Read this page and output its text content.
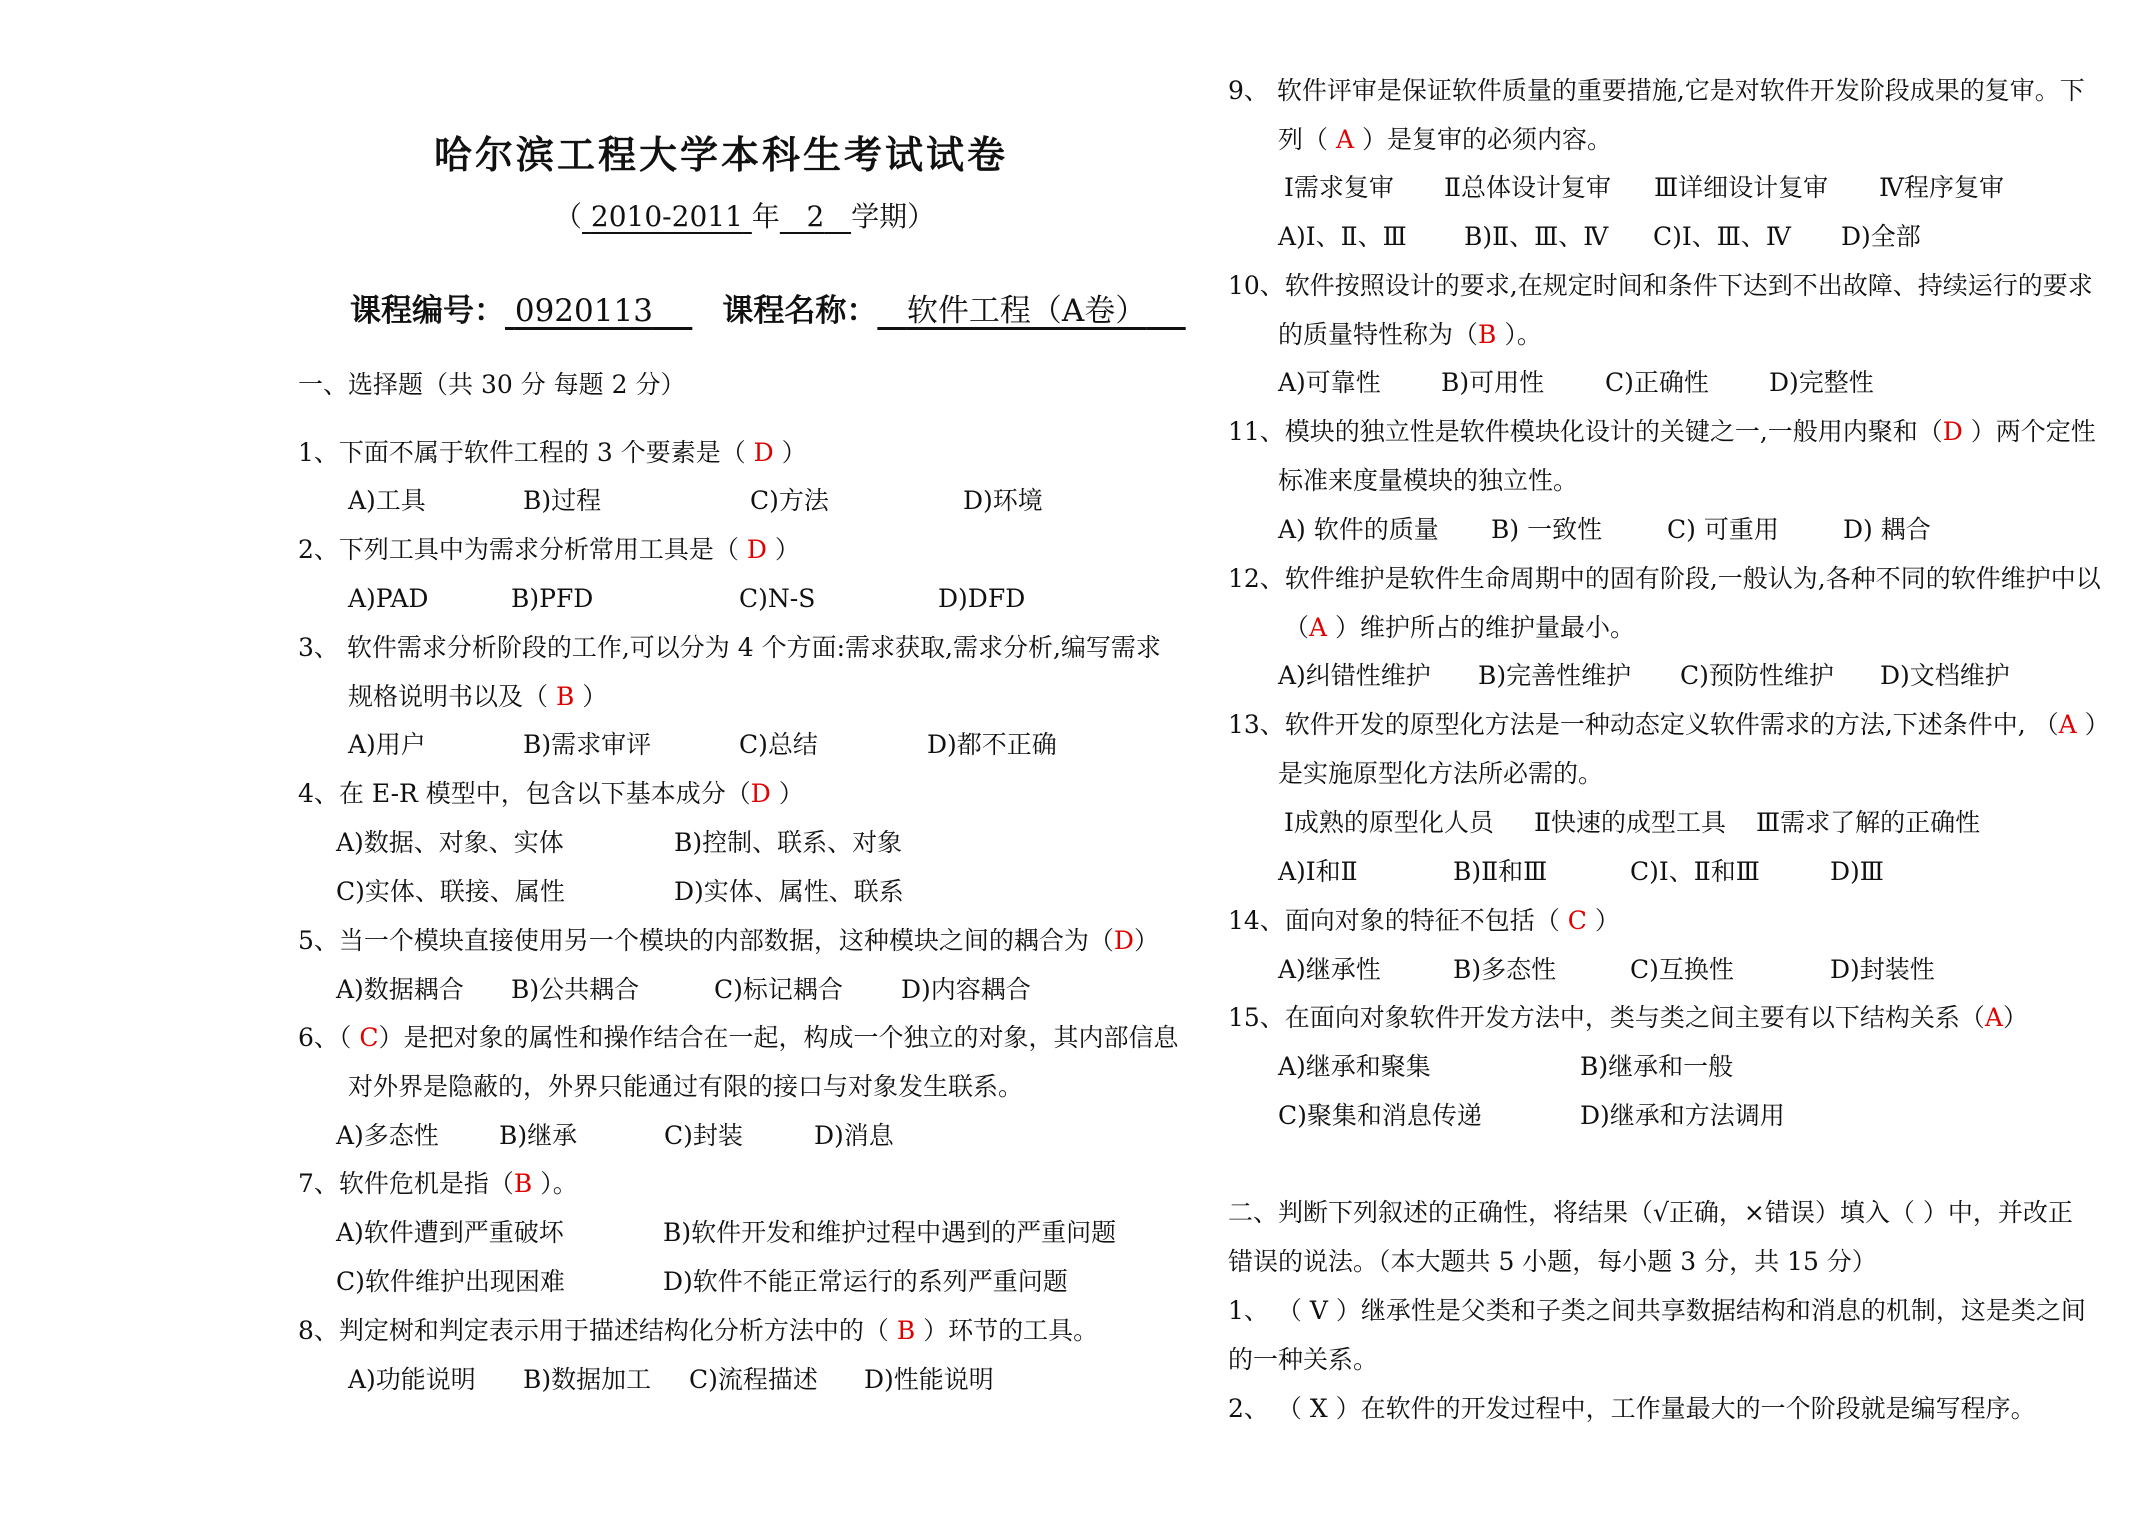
哈尔滨工程大学本科生考试试卷
（ 2010-2011 年 2 学期）
课程编号： 0920113 课程名称： 软件工程（A卷）
一、选择题（共 30 分 每题 2 分）
1、下面不属于软件工程的 3 个要素是（ D ）
A)工具	B)过程	C)方法	D)环境
2、下列工具中为需求分析常用工具是（ D ）
A)PAD	B)PFD	C)N-S	D)DFD
3、 软件需求分析阶段的工作,可以分为 4 个方面:需求获取,需求分析,编写需求
规格说明书以及（ B ）
A)用户	B)需求审评	C)总结	D)都不正确
4、在 E-R 模型中，包含以下基本成分（D ）
A)数据、对象、实体	B)控制、联系、对象
C)实体、联接、属性	D)实体、属性、联系
5、当一个模块直接使用另一个模块的内部数据，这种模块之间的耦合为（D）
A)数据耦合 B)公共耦合	C)标记耦合 D)内容耦合
6、（ C）是把对象的属性和操作结合在一起，构成一个独立的对象，其内部信息
对外界是隐蔽的，外界只能通过有限的接口与对象发生联系。
A)多态性 B)继承	C)封装	D)消息
7、软件危机是指（B ）。
A)软件遭到严重破坏	B)软件开发和维护过程中遇到的严重问题
C)软件维护出现困难	D)软件不能正常运行的系列严重问题
8、判定树和判定表示用于描述结构化分析方法中的（ B ）环节的工具。
A)功能说明 B)数据加工 C)流程描述 D)性能说明
9、 软件评审是保证软件质量的重要措施,它是对软件开发阶段成果的复审。下
列（ A ）是复审的必须内容。
Ⅰ需求复审 Ⅱ总体设计复审 Ⅲ详细设计复审 Ⅳ程序复审
A)Ⅰ、Ⅱ、Ⅲ B)Ⅱ、Ⅲ、Ⅳ C)Ⅰ、Ⅲ、Ⅳ D)全部
10、软件按照设计的要求,在规定时间和条件下达到不出故障、持续运行的要求
的质量特性称为（B ）。
A)可靠性 B)可用性 C)正确性 D)完整性
11、模块的独立性是软件模块化设计的关键之一,一般用内聚和（D ）两个定性
标准来度量模块的独立性。
A) 软件的质量 B) 一致性	C) 可重用	D) 耦合
12、软件维护是软件生命周期中的固有阶段,一般认为,各种不同的软件维护中以
（A ）维护所占的维护量最小。
A)纠错性维护 B)完善性维护 C)预防性维护 D)文档维护
13、软件开发的原型化方法是一种动态定义软件需求的方法,下述条件中, （A ）
是实施原型化方法所必需的。
Ⅰ成熟的原型化人员 Ⅱ快速的成型工具 Ⅲ需求了解的正确性
A)Ⅰ和Ⅱ	B)Ⅱ和Ⅲ	C)Ⅰ、Ⅱ和Ⅲ	D)Ⅲ
14、面向对象的特征不包括（ C ）
A)继承性	B)多态性	C)互换性	D)封装性
15、在面向对象软件开发方法中，类与类之间主要有以下结构关系（A）
A)继承和聚集	B)继承和一般
C)聚集和消息传递	D)继承和方法调用
二、判断下列叙述的正确性，将结果（√正确，×错误）填入（ ）中，并改正
错误的说法。（本大题共 5 小题，每小题 3 分，共 15 分）
1、 （ V ）继承性是父类和子类之间共享数据结构和消息的机制，这是类之间
的一种关系。
2、 （ X ）在软件的开发过程中，工作量最大的一个阶段就是编写程序。
